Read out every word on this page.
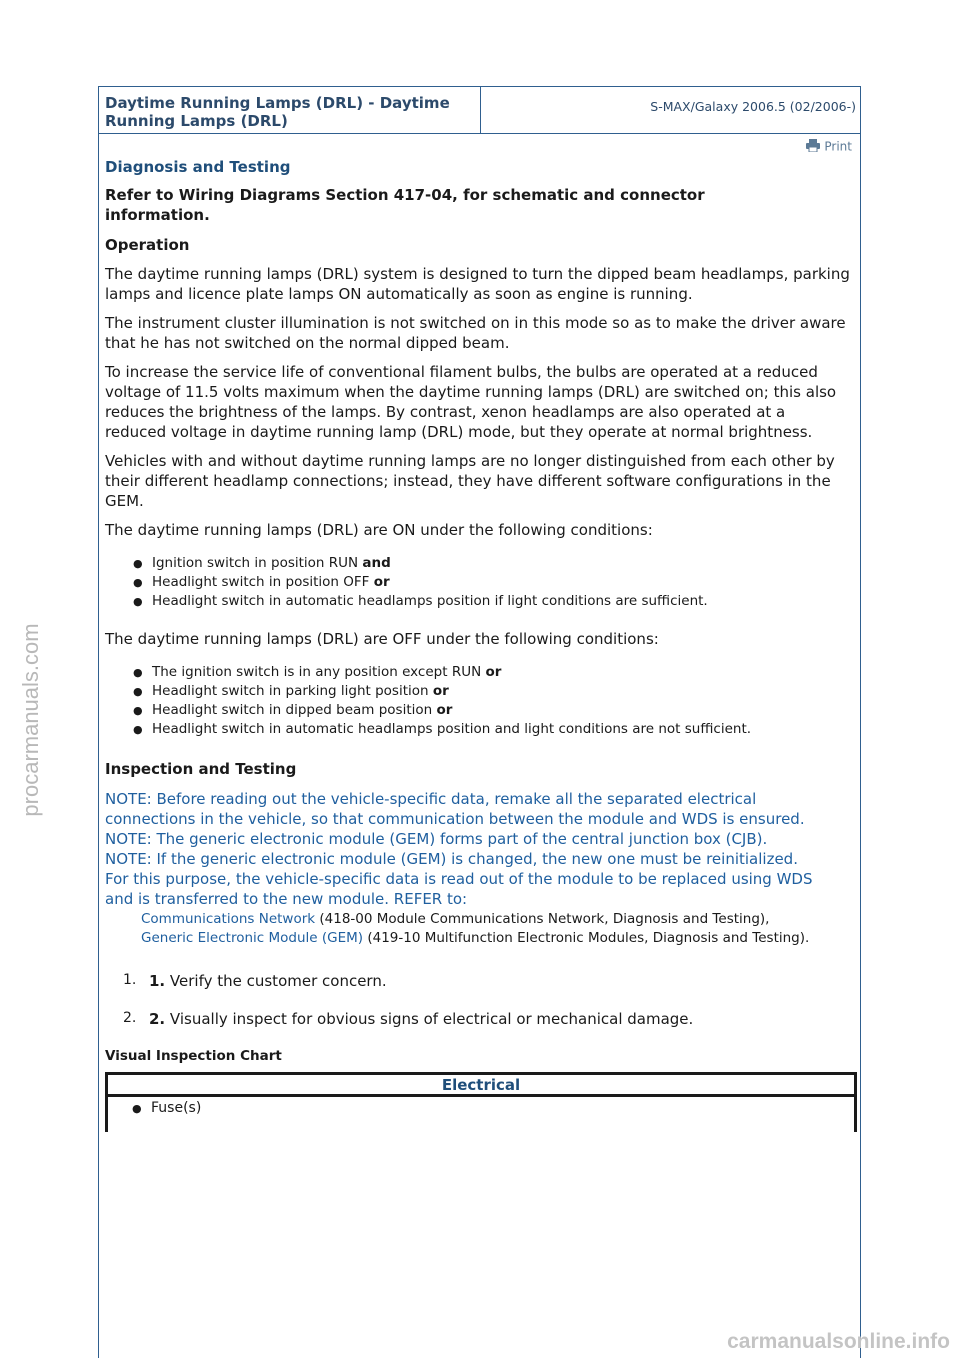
procarmanuals.com
Daytime Running Lamps (DRL) - Daytime
Running Lamps (DRL)
S-MAX/Galaxy 2006.5 (02/2006-)
Print
Diagnosis and Testing
Refer to Wiring Diagrams Section 417-04, for schematic and connector information.
Operation

The daytime running lamps (DRL) system is designed to turn the dipped beam headlamps, parking lamps and licence plate lamps ON automatically as soon as engine is running.

The instrument cluster illumination is not switched on in this mode so as to make the driver aware that he has not switched on the normal dipped beam.

To increase the service life of conventional filament bulbs, the bulbs are operated at a reduced voltage of 11.5 volts maximum when the daytime running lamps (DRL) are switched on; this also reduces the brightness of the lamps. By contrast, xenon headlamps are also operated at a reduced voltage in daytime running lamp (DRL) mode, but they operate at normal brightness.

Vehicles with and without daytime running lamps are no longer distinguished from each other by their different headlamp connections; instead, they have different software configurations in the GEM.

The daytime running lamps (DRL) are ON under the following conditions:

● Ignition switch in position RUN and
● Headlight switch in position OFF or
● Headlight switch in automatic headlamps position if light conditions are sufficient.

The daytime running lamps (DRL) are OFF under the following conditions:

● The ignition switch is in any position except RUN or
● Headlight switch in parking light position or
● Headlight switch in dipped beam position or
● Headlight switch in automatic headlamps position and light conditions are not sufficient.
Inspection and Testing
NOTE: Before reading out the vehicle-specific data, remake all the separated electrical connections in the vehicle, so that communication between the module and WDS is ensured.
NOTE: The generic electronic module (GEM) forms part of the central junction box (CJB).
NOTE: If the generic electronic module (GEM) is changed, the new one must be reinitialized. For this purpose, the vehicle-specific data is read out of the module to be replaced using WDS and is transferred to the new module. REFER to:
Communications Network (418-00 Module Communications Network, Diagnosis and Testing),
Generic Electronic Module (GEM) (419-10 Multifunction Electronic Modules, Diagnosis and Testing).
1. 1. Verify the customer concern.
2. 2. Visually inspect for obvious signs of electrical or mechanical damage.
Visual Inspection Chart
Electrical
● Fuse(s)
carmanualsonline.info
